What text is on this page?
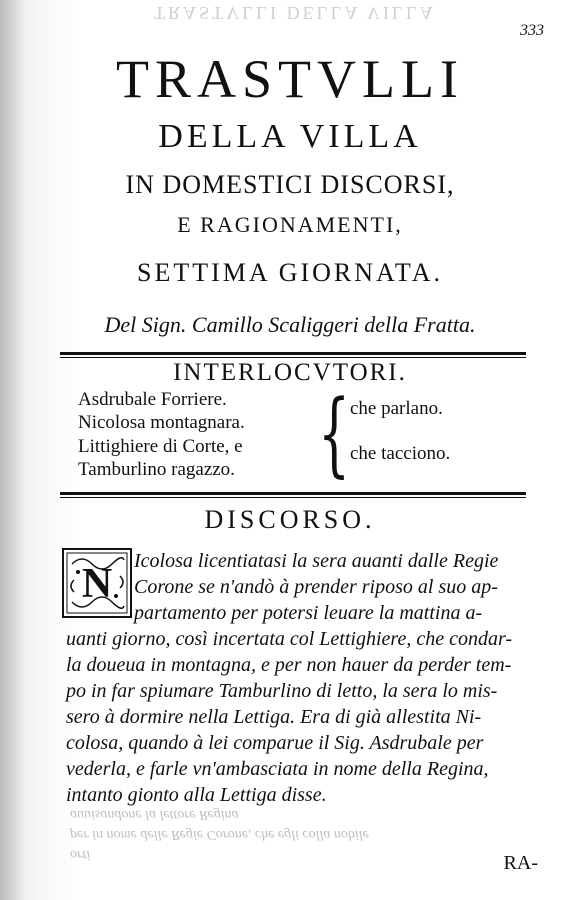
TRASTVLLI DELLA VILLA
333
TRASTVLLI
DELLA VILLA
IN DOMESTICI DISCORSI,
E RAGIONAMENTI,
SETTIMA GIORNATA.
Del Sign. Camillo Scaliggeri della Fratta.
INTERLOCVTORI.
Asdrubale Forriere.
Nicolosa montagnara.
Littighiere di Corte, e
Tamburlino ragazzo. { che parlano.
che tacciono.
DISCORSO.
N Icolosa licentiatasi la sera auanti dalle Regie
Corone se n'andò à prender riposo al suo ap-
partamento per potersi leuare la mattina a-
uanti giorno, così incertata col Lettighiere, che condar-
la doueua in montagna, e per non hauer da perder tem-
po in far spiumare Tamburlino di letto, la sera lo mis-
sero à dormire nella Lettiga. Era di già allestita Ni-
colosa, quando à lei comparue il Sig. Asdrubale per
vederla, e farle vn'ambasciata in nome della Regina,
intanto gionto alla Lettiga disse.
auuisandone la lettore Regina
per in nome delle Regie Corone, che egli colla nobile
orti	RA-
